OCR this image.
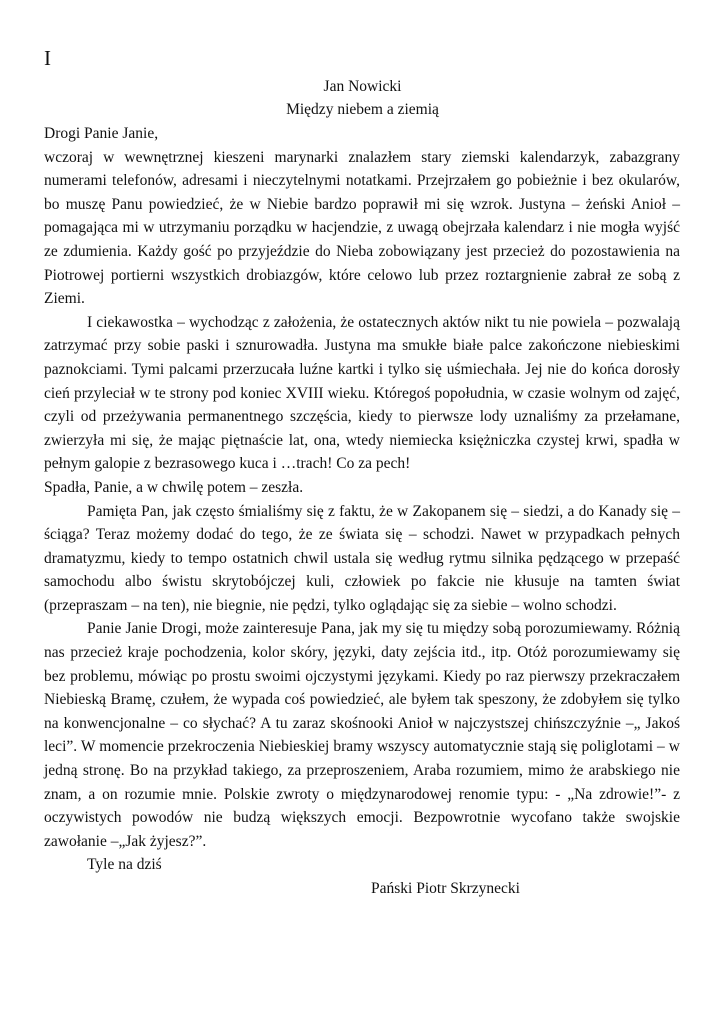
I
Jan Nowicki
Między niebem a ziemią

Drogi Panie Janie,

wczoraj w wewnętrznej kieszeni marynarki znalazłem stary ziemski kalendarzyk, zabazgrany numerami telefonów, adresami i nieczytelnymi notatkami. Przejrzałem go pobieżnie i bez okularów, bo muszę Panu powiedzieć, że w Niebie bardzo poprawił mi się wzrok. Justyna – żeński Anioł – pomagająca mi w utrzymaniu porządku w hacjendzie, z uwagą obejrzała kalendarz i nie mogła wyjść ze zdumienia. Każdy gość po przyjeździe do Nieba zobowiązany jest przecież do pozostawienia na Piotrowej portierni wszystkich drobiazgów, które celowo lub przez roztargnienie zabrał ze sobą z Ziemi.

I ciekawostka – wychodząc z założenia, że ostatecznych aktów nikt tu nie powiela – pozwalają zatrzymać przy sobie paski i sznurowadła. Justyna ma smukłe białe palce zakończone niebieskimi paznokciami. Tymi palcami przerzucała luźne kartki i tylko się uśmiechała. Jej nie do końca dorosły cień przyleciał w te strony pod koniec XVIII wieku. Któregoś popołudnia, w czasie wolnym od zajęć, czyli od przeżywania permanentnego szczęścia, kiedy to pierwsze lody uznaliśmy za przełamane, zwierzyła mi się, że mając piętnaście lat, ona, wtedy niemiecka księżniczka czystej krwi, spadła w pełnym galopie z bezrasowego kuca i …trach! Co za pech!

Spadła, Panie, a w chwilę potem – zeszła.

Pamięta Pan, jak często śmialiśmy się z faktu, że w Zakopanem się – siedzi, a do Kanady się – ściąga? Teraz możemy dodać do tego, że ze świata się – schodzi. Nawet w przypadkach pełnych dramatyzmu, kiedy to tempo ostatnich chwil ustala się według rytmu silnika pędzącego w przepaść samochodu albo świstu skrytobójczej kuli, człowiek po fakcie nie kłusuje na tamten świat (przepraszam – na ten), nie biegnie, nie pędzi, tylko oglądając się za siebie – wolno schodzi.

Panie Janie Drogi, może zainteresuje Pana, jak my się tu między sobą porozumiewamy. Różnią nas przecież kraje pochodzenia, kolor skóry, języki, daty zejścia itd., itp. Otóż porozumiewamy się bez problemu, mówiąc po prostu swoimi ojczystymi językami. Kiedy po raz pierwszy przekraczałem Niebieską Bramę, czułem, że wypada coś powiedzieć, ale byłem tak speszony, że zdobyłem się tylko na konwencjonalne – co słychać? A tu zaraz skośnooki Anioł w najczystszej chińszczyźnie –„ Jakoś leci”. W momencie przekroczenia Niebieskiej bramy wszyscy automatycznie stają się poliglotami – w jedną stronę. Bo na przykład takiego, za przeproszeniem, Araba rozumiem, mimo że arabskiego nie znam, a on rozumie mnie. Polskie zwroty o międzynarodowej renomie typu: - „Na zdrowie!”- z oczywistych powodów nie budzą większych emocji. Bezpowrotnie wycofano także swojskie zawołanie –„Jak żyjesz?”.

Tyle na dziś

Pański Piotr Skrzynecki
